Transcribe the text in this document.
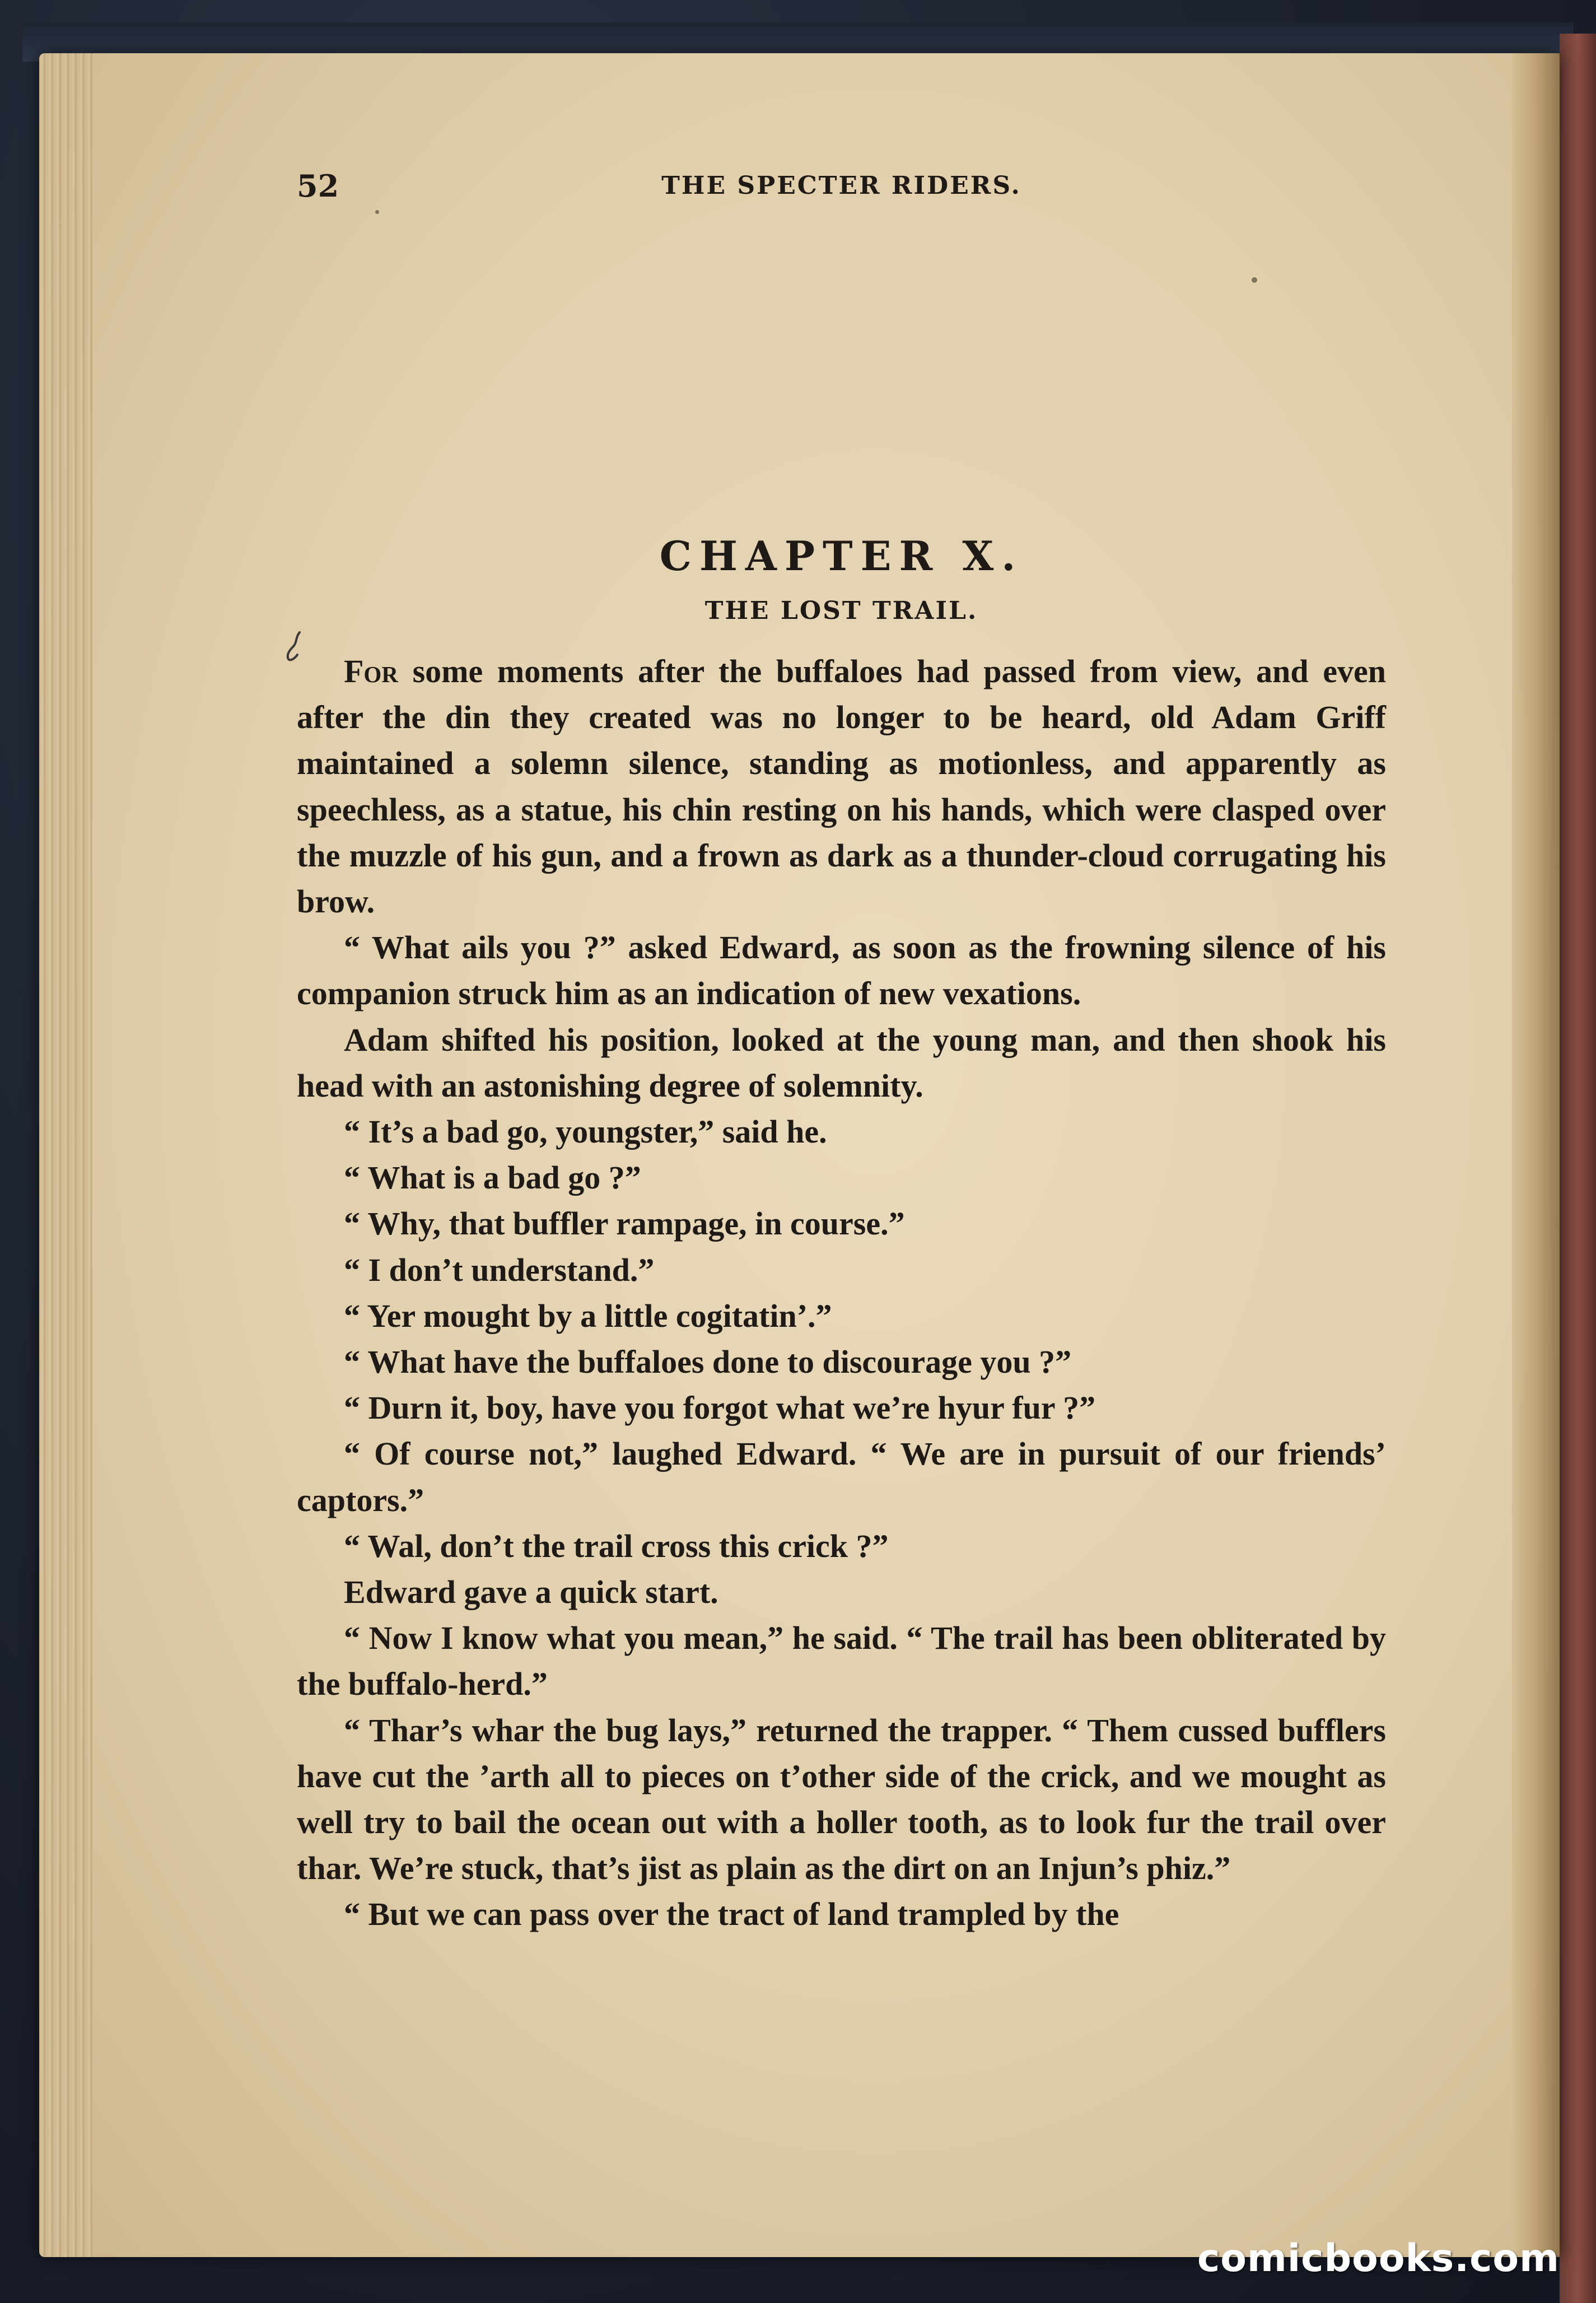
52	THE SPECTER RIDERS.
CHAPTER X.
THE LOST TRAIL.

For some moments after the buffaloes had passed from view, and even after the din they created was no longer to be heard, old Adam Griff maintained a solemn silence, standing as motionless, and apparently as speechless, as a statue, his chin resting on his hands, which were clasped over the muzzle of his gun, and a frown as dark as a thunder-cloud corrugating his brow.

“ What ails you ?” asked Edward, as soon as the frowning silence of his companion struck him as an indication of new vexations.

Adam shifted his position, looked at the young man, and then shook his head with an astonishing degree of solemnity.

“ It’s a bad go, youngster,” said he.

“ What is a bad go ?”

“ Why, that buffler rampage, in course.”

“ I don’t understand.”

“ Yer mought by a little cogitatin’.”

“ What have the buffaloes done to discourage you ?”

“ Durn it, boy, have you forgot what we’re hyur fur ?”

“ Of course not,” laughed Edward. “ We are in pursuit of our friends’ captors.”

“ Wal, don’t the trail cross this crick ?”

Edward gave a quick start.

“ Now I know what you mean,” he said. “ The trail has been obliterated by the buffalo-herd.”

“ Thar’s whar the bug lays,” returned the trapper. “ Them cussed bufflers have cut the ’arth all to pieces on t’other side of the crick, and we mought as well try to bail the ocean out with a holler tooth, as to look fur the trail over thar. We’re stuck, that’s jist as plain as the dirt on an Injun’s phiz.”

“ But we can pass over the tract of land trampled by the

comicbooks.com
